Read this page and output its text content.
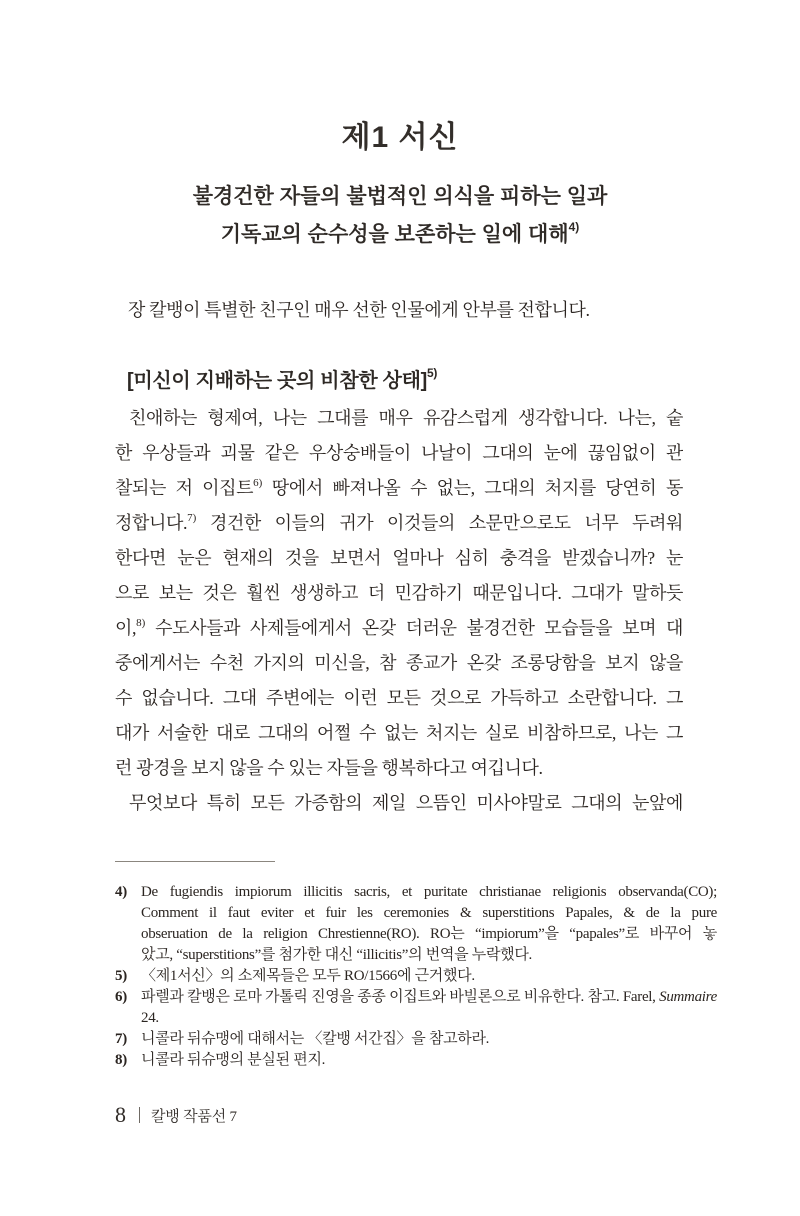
제1 서신
불경건한 자들의 불법적인 의식을 피하는 일과
기독교의 순수성을 보존하는 일에 대해$^{4)}$

장 칼뱅이 특별한 친구인 매우 선한 인물에게 안부를 전합니다.

[미신이 지배하는 곳의 비참한 상태]$^{5)}$
친애하는 형제여, 나는 그대를 매우 유감스럽게 생각합니다. 나는, 숱
한 우상들과 괴물 같은 우상숭배들이 나날이 그대의 눈에 끊임없이 관
찰되는 저 이집트$^{6)}$ 땅에서 빠져나올 수 없는, 그대의 처지를 당연히 동
정합니다.$^{7)}$ 경건한 이들의 귀가 이것들의 소문만으로도 너무 두려워
한다면 눈은 현재의 것을 보면서 얼마나 심히 충격을 받겠습니까? 눈
으로 보는 것은 훨씬 생생하고 더 민감하기 때문입니다. 그대가 말하듯
이,$^{8)}$ 수도사들과 사제들에게서 온갖 더러운 불경건한 모습들을 보며 대
중에게서는 수천 가지의 미신을, 참 종교가 온갖 조롱당함을 보지 않을
수 없습니다. 그대 주변에는 이런 모든 것으로 가득하고 소란합니다. 그
대가 서술한 대로 그대의 어쩔 수 없는 처지는 실로 비참하므로, 나는 그
런 광경을 보지 않을 수 있는 자들을 행복하다고 여깁니다.
무엇보다 특히 모든 가증함의 제일 으뜸인 미사야말로 그대의 눈앞에
4) De fugiendis impiorum illicitis sacris, et puritate christianae religionis observanda(CO);
Comment il faut eviter et fuir les ceremonies & superstitions Papales, & de la pure
obseruation de la religion Chrestienne(RO). RO는 “impiorum”을 “papales”로 바꾸어 놓
았고, “superstitions”를 첨가한 대신 “illicitis”의 번역을 누락했다.
5) 〈제1서신〉의 소제목들은 모두 RO/1566에 근거했다.
6) 파렐과 칼뱅은 로마 가톨릭 진영을 종종 이집트와 바빌론으로 비유한다. 참고. Farel, Summaire
24.
7) 니콜라 뒤슈맹에 대해서는 〈칼뱅 서간집〉을 참고하라.
8) 니콜라 뒤슈맹의 분실된 편지.
8 칼뱅 작품선 7
